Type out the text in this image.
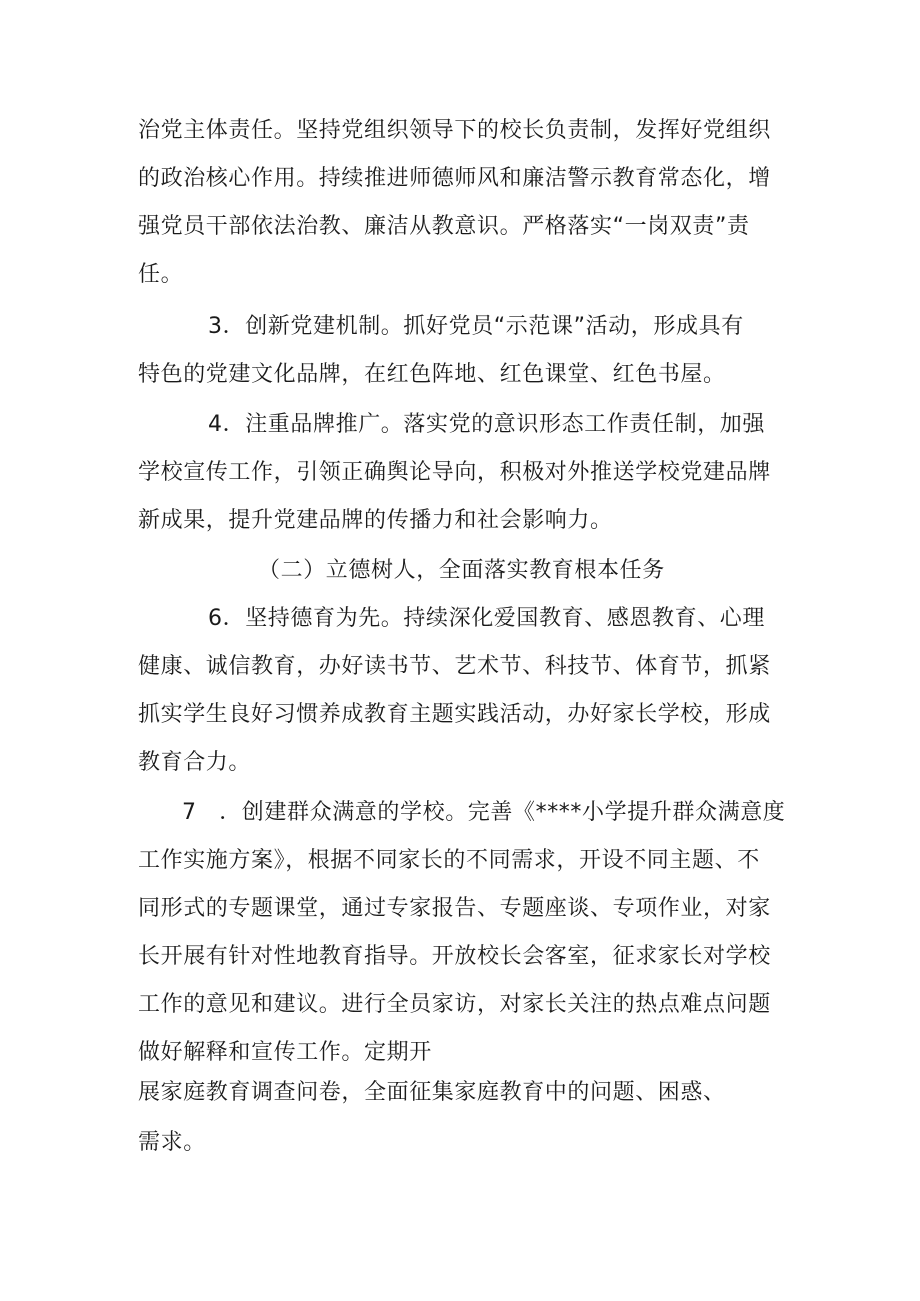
治党主体责任。坚持党组织领导下的校长负责制，发挥好党组织
的政治核心作用。持续推进师德师风和廉洁警示教育常态化，增
强党员干部依法治教、廉洁从教意识。严格落实“一岗双责”责
任。
3．创新党建机制。抓好党员“示范课”活动，形成具有
特色的党建文化品牌，在红色阵地、红色课堂、红色书屋。
4．注重品牌推广。落实党的意识形态工作责任制，加强
学校宣传工作，引领正确舆论导向，积极对外推送学校党建品牌
新成果，提升党建品牌的传播力和社会影响力。
（二）立德树人，全面落实教育根本任务
6．坚持德育为先。持续深化爱国教育、感恩教育、心理
健康、诚信教育，办好读书节、艺术节、科技节、体育节，抓紧
抓实学生良好习惯养成教育主题实践活动，办好家长学校，形成
教育合力。
7　．创建群众满意的学校。完善《****小学提升群众满意度
工作实施方案》，根据不同家长的不同需求，开设不同主题、不
同形式的专题课堂，通过专家报告、专题座谈、专项作业，对家
长开展有针对性地教育指导。开放校长会客室，征求家长对学校
工作的意见和建议。进行全员家访，对家长关注的热点难点问题
做好解释和宣传工作。定期开
展家庭教育调查问卷，全面征集家庭教育中的问题、困惑、
需求。
